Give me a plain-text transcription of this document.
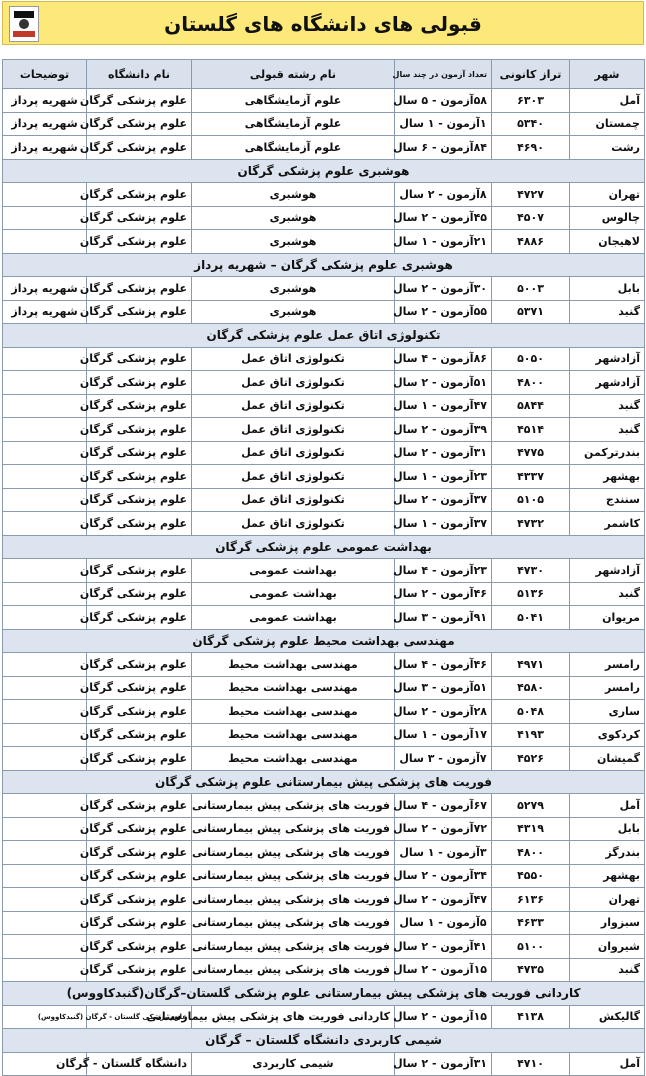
قبولی های دانشگاه های گلستان
شهر	تراز کانونی	تعداد آزمون در چند سال	نام رشته قبولی	نام دانشگاه	توضیحات
آمل	۶۳۰۳	۵۸آزمون - ۵ سال	علوم آزمایشگاهی	علوم پزشکی گرگان	شهریه پرداز
چمستان	۵۳۴۰	۱آزمون - ۱ سال	علوم آزمایشگاهی	علوم پزشکی گرگان	شهریه پرداز
رشت	۴۶۹۰	۸۴آزمون - ۶ سال	علوم آزمایشگاهی	علوم پزشکی گرگان	شهریه پرداز
هوشبری علوم پزشکی گرگان					
تهران	۴۷۲۷	۸آزمون - ۲ سال	هوشبری	علوم پزشکی گرگان	
چالوس	۴۵۰۷	۴۵آزمون - ۲ سال	هوشبری	علوم پزشکی گرگان	
لاهیجان	۴۸۸۶	۲۱آزمون - ۱ سال	هوشبری	علوم پزشکی گرگان	
هوشبری علوم پزشکی گرگان – شهریه پرداز					
بابل	۵۰۰۳	۳۰آزمون - ۲ سال	هوشبری	علوم پزشکی گرگان	شهریه پرداز
گنبد	۵۳۷۱	۵۵آزمون - ۲ سال	هوشبری	علوم پزشکی گرگان	شهریه پرداز
تکنولوژی اتاق عمل علوم پزشکی گرگان					
آزادشهر	۵۰۵۰	۸۶آزمون - ۴ سال	تکنولوژی اتاق عمل	علوم پزشکی گرگان	
آزادشهر	۴۸۰۰	۵۱آزمون - ۲ سال	تکنولوژی اتاق عمل	علوم پزشکی گرگان	
گنبد	۵۸۴۴	۴۷آزمون - ۱ سال	تکنولوژی اتاق عمل	علوم پزشکی گرگان	
گنبد	۴۵۱۴	۳۹آزمون - ۲ سال	تکنولوژی اتاق عمل	علوم پزشکی گرگان	
بندرترکمن	۴۷۷۵	۳۱آزمون - ۲ سال	تکنولوژی اتاق عمل	علوم پزشکی گرگان	
بهشهر	۴۳۳۷	۲۳آزمون - ۱ سال	تکنولوژی اتاق عمل	علوم پزشکی گرگان	
سنندج	۵۱۰۵	۳۷آزمون - ۲ سال	تکنولوژی اتاق عمل	علوم پزشکی گرگان	
کاشمر	۴۷۳۲	۳۷آزمون - ۱ سال	تکنولوژی اتاق عمل	علوم پزشکی گرگان	
بهداشت عمومی علوم پزشکی گرگان					
آزادشهر	۴۷۳۰	۲۳آزمون - ۴ سال	بهداشت عمومی	علوم پزشکی گرگان	
گنبد	۵۱۳۶	۴۶آزمون - ۲ سال	بهداشت عمومی	علوم پزشکی گرگان	
مریوان	۵۰۴۱	۹۱آزمون - ۳ سال	بهداشت عمومی	علوم پزشکی گرگان	
مهندسی بهداشت محیط علوم پزشکی گرگان					
رامسر	۴۹۷۱	۴۶آزمون - ۴ سال	مهندسی بهداشت محیط	علوم پزشکی گرگان	
رامسر	۴۵۸۰	۵۱آزمون - ۳ سال	مهندسی بهداشت محیط	علوم پزشکی گرگان	
ساری	۵۰۴۸	۲۸آزمون - ۲ سال	مهندسی بهداشت محیط	علوم پزشکی گرگان	
کردکوی	۴۱۹۳	۱۷آزمون - ۱ سال	مهندسی بهداشت محیط	علوم پزشکی گرگان	
گمیشان	۴۵۲۶	۷آزمون - ۳ سال	مهندسی بهداشت محیط	علوم پزشکی گرگان	
فوریت های پزشکی پیش بیمارستانی علوم پزشکی گرگان					
آمل	۵۲۷۹	۶۷آزمون - ۴ سال	فوریت های پزشکی پیش بیمارستانی	علوم پزشکی گرگان	
بابل	۴۳۱۹	۷۲آزمون - ۲ سال	فوریت های پزشکی پیش بیمارستانی	علوم پزشکی گرگان	
بندرگز	۴۸۰۰	۳آزمون - ۱ سال	فوریت های پزشکی پیش بیمارستانی	علوم پزشکی گرگان	
بهشهر	۴۵۵۰	۳۴آزمون - ۲ سال	فوریت های پزشکی پیش بیمارستانی	علوم پزشکی گرگان	
تهران	۶۱۳۶	۴۷آزمون - ۲ سال	فوریت های پزشکی پیش بیمارستانی	علوم پزشکی گرگان	
سبزوار	۴۶۳۳	۵آزمون - ۱ سال	فوریت های پزشکی پیش بیمارستانی	علوم پزشکی گرگان	
شیروان	۵۱۰۰	۴۱آزمون - ۲ سال	فوریت های پزشکی پیش بیمارستانی	علوم پزشکی گرگان	
گنبد	۴۷۳۵	۱۵آزمون - ۲ سال	فوریت های پزشکی پیش بیمارستانی	علوم پزشکی گرگان	
کاردانی فوریت های پزشکی پیش بیمارستانی علوم پزشکی گلستان–گرگان(گنبدکاووس)					
گالیکش	۴۱۳۸	۱۵آزمون - ۲ سال	کاردانی فوریت های پزشکی پیش بیمارستانی	علوم پزشکی گلستان - گرگان (گنبدکاووس)	
شیمی کاربردی دانشگاه گلستان – گرگان					
آمل	۴۷۱۰	۳۱آزمون - ۲ سال	شیمی کاربردی	دانشگاه گلستان - گرگان	
